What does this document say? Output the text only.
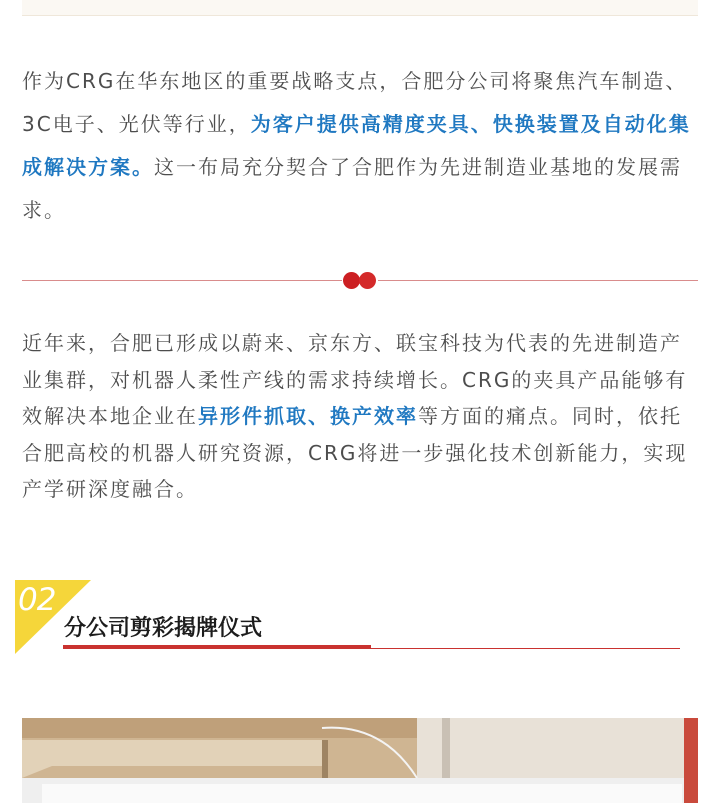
作为CRG在华东地区的重要战略支点，合肥分公司将聚焦汽车制造、3C电子、光伏等行业，为客户提供高精度夹具、快换装置及自动化集成解决方案。这一布局充分契合了合肥作为先进制造业基地的发展需求。

近年来，合肥已形成以蔚来、京东方、联宝科技为代表的先进制造产业集群，对机器人柔性产线的需求持续增长。CRG的夹具产品能够有效解决本地企业在异形件抓取、换产效率等方面的痛点。同时，依托合肥高校的机器人研究资源，CRG将进一步强化技术创新能力，实现产学研深度融合。

02
分公司剪彩揭牌仪式
